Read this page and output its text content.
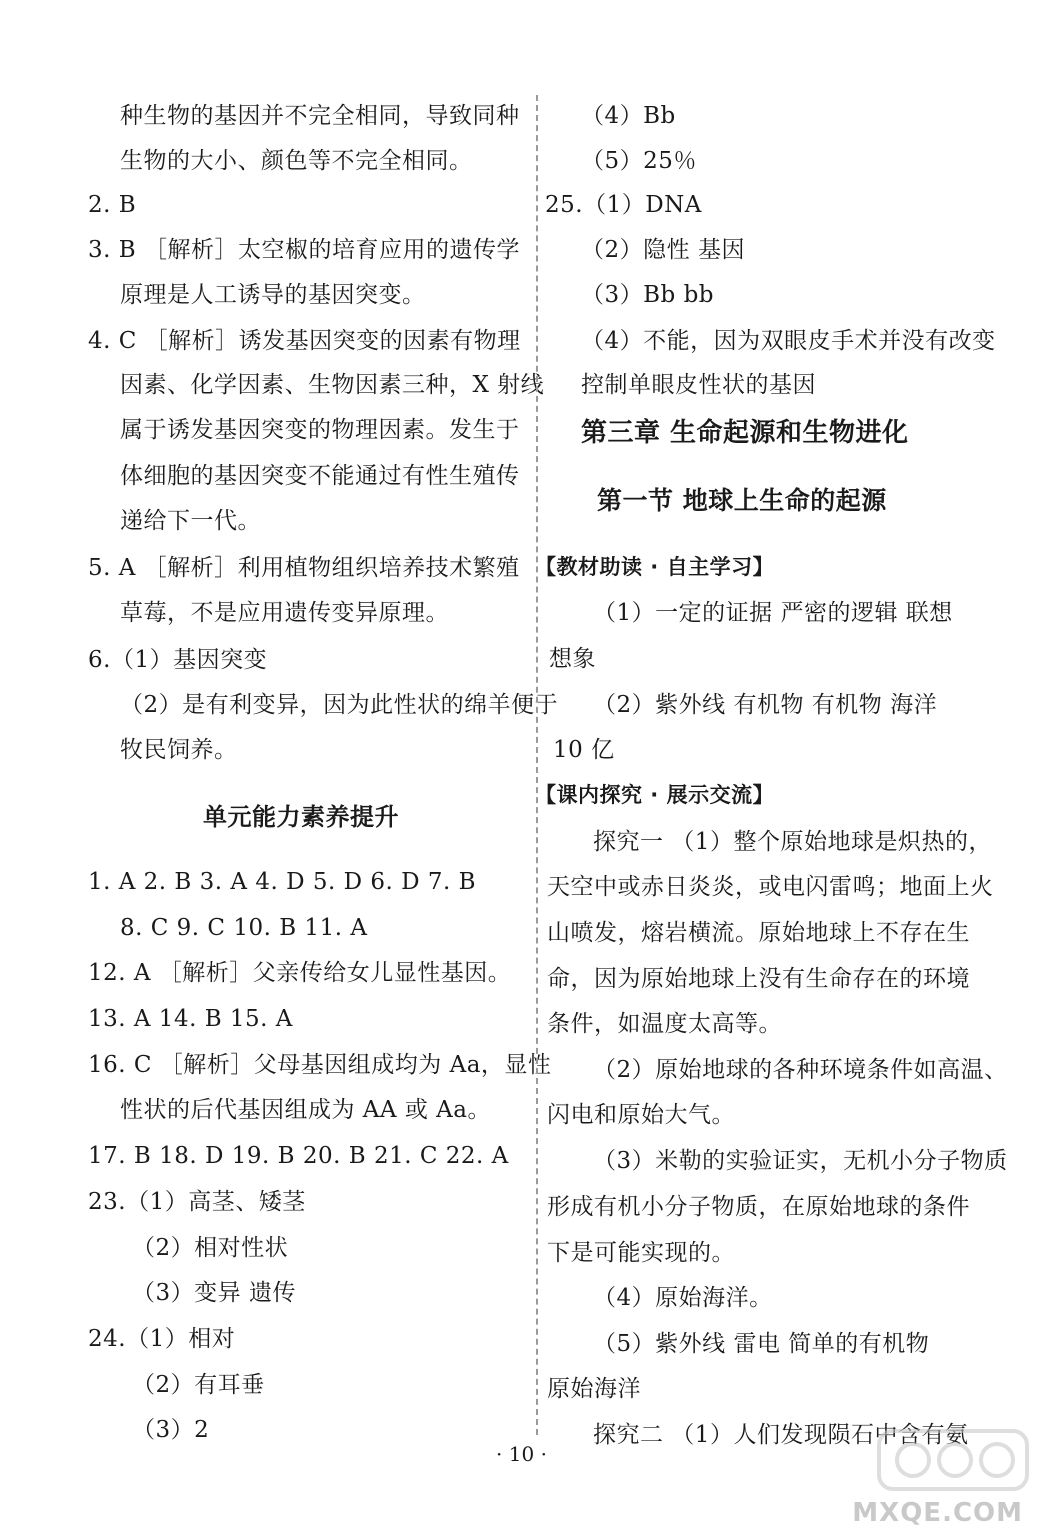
种生物的基因并不完全相同，导致同种
生物的大小、颜色等不完全相同。
2. B
3. B ［解析］太空椒的培育应用的遗传学
原理是人工诱导的基因突变。
4. C ［解析］诱发基因突变的因素有物理
因素、化学因素、生物因素三种，X 射线
属于诱发基因突变的物理因素。发生于
体细胞的基因突变不能通过有性生殖传
递给下一代。
5. A ［解析］利用植物组织培养技术繁殖
草莓，不是应用遗传变异原理。
6.（1）基因突变
（2）是有利变异，因为此性状的绵羊便于
牧民饲养。
单元能力素养提升
1. A 2. B 3. A 4. D 5. D 6. D 7. B
8. C 9. C 10. B 11. A
12. A ［解析］父亲传给女儿显性基因。
13. A 14. B 15. A
16. C ［解析］父母基因组成均为 Aa，显性
性状的后代基因组成为 AA 或 Aa。
17. B 18. D 19. B 20. B 21. C 22. A
23.（1）高茎、矮茎
（2）相对性状
（3）变异 遗传
24.（1）相对
（2）有耳垂
（3）2
（4）Bb
（5）25％
25.（1）DNA
（2）隐性 基因
（3）Bb bb
（4）不能，因为双眼皮手术并没有改变
控制单眼皮性状的基因
第三章 生命起源和生物进化
第一节 地球上生命的起源
【教材助读 · 自主学习】
（1）一定的证据 严密的逻辑 联想
想象
（2）紫外线 有机物 有机物 海洋
10 亿
【课内探究 · 展示交流】
探究一 （1）整个原始地球是炽热的，
天空中或赤日炎炎，或电闪雷鸣；地面上火
山喷发，熔岩横流。原始地球上不存在生
命，因为原始地球上没有生命存在的环境
条件，如温度太高等。
（2）原始地球的各种环境条件如高温、
闪电和原始大气。
（3）米勒的实验证实，无机小分子物质
形成有机小分子物质，在原始地球的条件
下是可能实现的。
（4）原始海洋。
（5）紫外线 雷电 简单的有机物
原始海洋
探究二 （1）人们发现陨石中含有氨
· 10 ·
MXQE.COM
